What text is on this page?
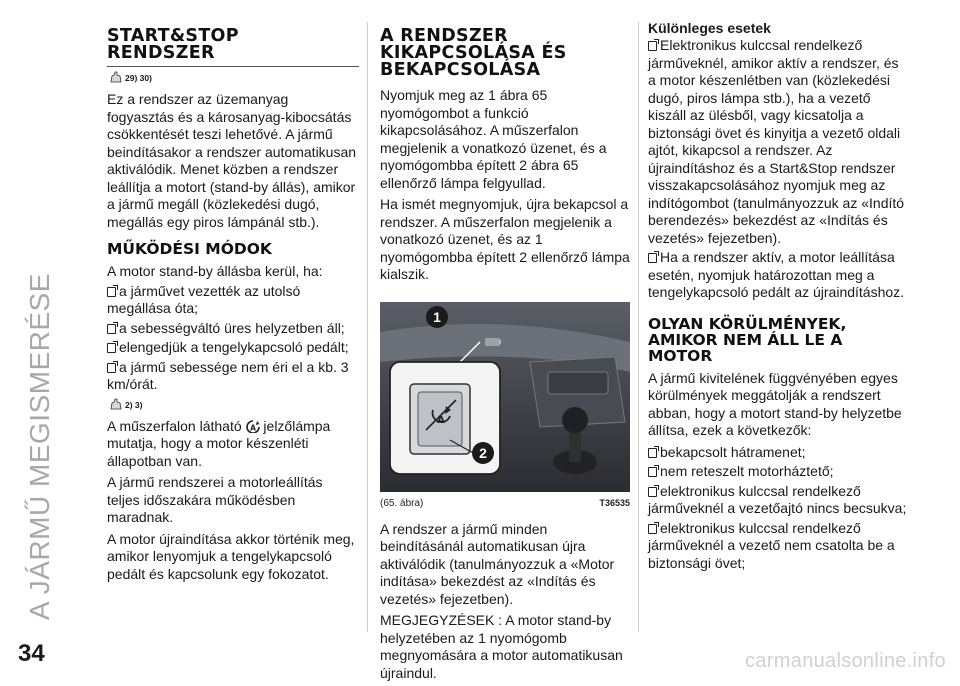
A JÁRMŰ MEGISMERÉSE
START&STOP
RENDSZER
29) 30)

Ez a rendszer az üzemanyag fogyasztás és a károsanyag-kibocsátás csökkentését teszi lehetővé. A jármű beindításakor a rendszer automatikusan aktiválódik. Menet közben a rendszer leállítja a motort (stand-by állás), amikor a jármű megáll (közlekedési dugó, megállás egy piros lámpánál stb.).

MŰKÖDÉSI MÓDOK

A motor stand-by állásba kerül, ha:

a járművet vezették az utolsó megállása óta;
a sebességváltó üres helyzetben áll;
elengedjük a tengelykapcsoló pedált;
a jármű sebessége nem éri el a kb. 3 km/órát.
2) 3)

A műszerfalon látható A jelzőlámpa mutatja, hogy a motor készenléti állapotban van.

A jármű rendszerei a motorleállítás teljes időszakára működésben maradnak.

A motor újraindítása akkor történik meg, amikor lenyomjuk a tengelykapcsoló pedált és kapcsolunk egy fokozatot.

A RENDSZER
KIKAPCSOLÁSA ÉS
BEKAPCSOLÁSA

Nyomjuk meg az 1 ábra 65 nyomógombot a funkció kikapcsolásához. A műszerfalon megjelenik a vonatkozó üzenet, és a nyomógombba épített 2 ábra 65 ellenőrző lámpa felgyullad.

Ha ismét megnyomjuk, újra bekapcsol a rendszer. A műszerfalon megjelenik a vonatkozó üzenet, és az 1 nyomógombba épített 2 ellenőrző lámpa kialszik.

A
1
2
(65. ábra)	T36535

A rendszer a jármű minden beindításánál automatikusan újra aktiválódik (tanulmányozzuk a «Motor indítása» bekezdést az «Indítás és vezetés» fejezetben).

MEGJEGYZÉSEK : A motor stand-by helyzetében az 1 nyomógomb megnyomására a motor automatikusan újraindul.

Különleges esetek
Elektronikus kulccsal rendelkező járműveknél, amikor aktív a rendszer, és a motor készenlétben van (közlekedési dugó, piros lámpa stb.), ha a vezető kiszáll az ülésből, vagy kicsatolja a biztonsági övet és kinyitja a vezető oldali ajtót, kikapcsol a rendszer. Az újraindításhoz és a Start&Stop rendszer visszakapcsolásához nyomjuk meg az indítógombot (tanulmányozzuk az «Indító berendezés» bekezdést az «Indítás és vezetés» fejezetben).
Ha a rendszer aktív, a motor leállítása esetén, nyomjuk határozottan meg a tengelykapcsoló pedált az újraindításhoz.
OLYAN KÖRÜLMÉNYEK,
AMIKOR NEM ÁLL LE A
MOTOR

A jármű kivitelének függvényében egyes körülmények meggátolják a rendszert abban, hogy a motort stand-by helyzetbe állítsa, ezek a következők:

bekapcsolt hátramenet;
nem reteszelt motorháztető;
elektronikus kulccsal rendelkező járműveknél a vezetőajtó nincs becsukva;
elektronikus kulccsal rendelkező járműveknél a vezető nem csatolta be a biztonsági övet;
34	carmanualsonline.info
